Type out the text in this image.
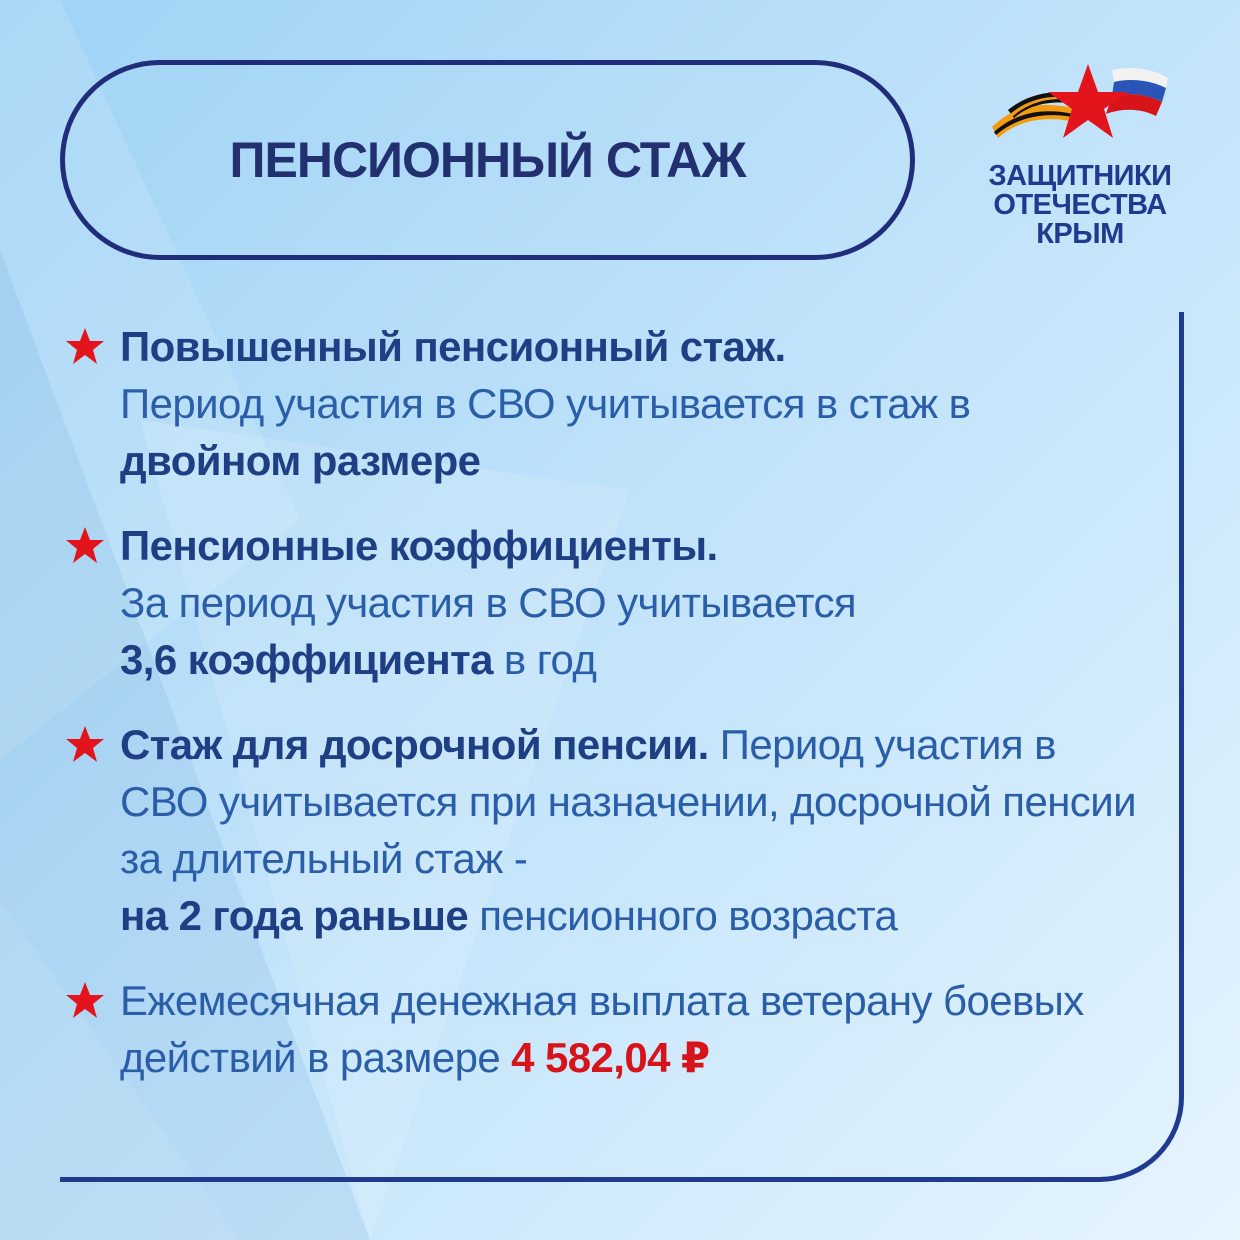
ПЕНСИОННЫЙ СТАЖ	ЗАЩИТНИКИ
ОТЕЧЕСТВА
КРЫМ
Повышенный пенсионный стаж.
Период участия в СВО учитывается в стаж в
двойном размере
Пенсионные коэффициенты.
За период участия в СВО учитывается
3,6 коэффициента в год
Стаж для досрочной пенсии. Период участия в СВО учитывается при назначении, досрочной пенсии за длительный стаж -
на 2 года раньше пенсионного возраста
Ежемесячная денежная выплата ветерану боевых действий в размере 4 582,04 ₽
